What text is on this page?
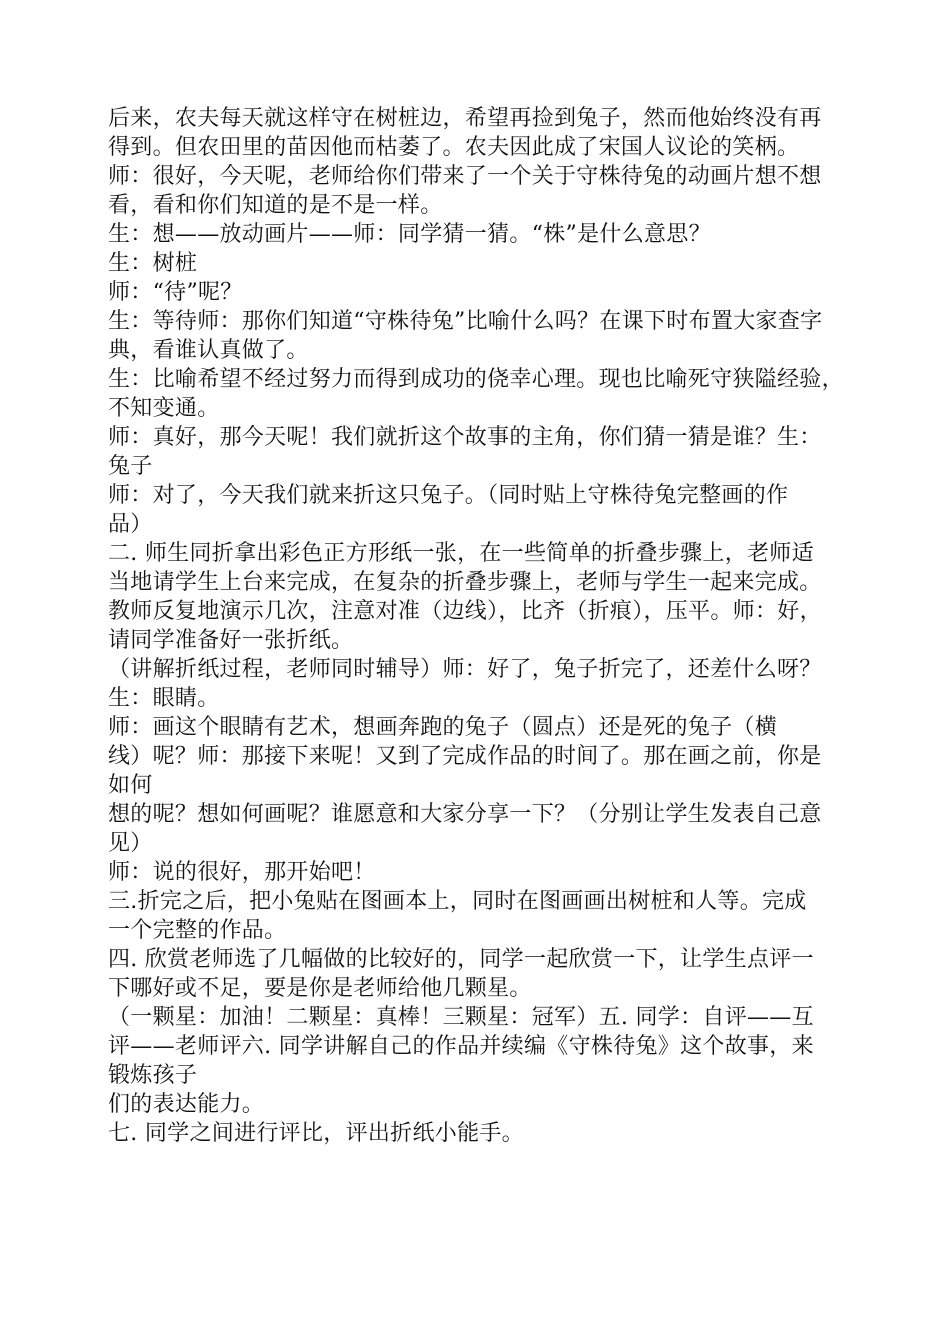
后来，农夫每天就这样守在树桩边，希望再捡到兔子，然而他始终没有再
得到。但农田里的苗因他而枯萎了。农夫因此成了宋国人议论的笑柄。
师：很好，今天呢，老师给你们带来了一个关于守株待兔的动画片想不想
看，看和你们知道的是不是一样。
生：想——放动画片——师：同学猜一猜。“株”是什么意思？
生：树桩
师：“待”呢？
生：等待师：那你们知道“守株待兔”比喻什么吗？在课下时布置大家查字
典，看谁认真做了。
生：比喻希望不经过努力而得到成功的侥幸心理。现也比喻死守狭隘经验，
不知变通。
师：真好，那今天呢！我们就折这个故事的主角，你们猜一猜是谁？生：
兔子
师：对了，今天我们就来折这只兔子。（同时贴上守株待兔完整画的作
品）
二. 师生同折拿出彩色正方形纸一张，在一些简单的折叠步骤上，老师适
当地请学生上台来完成，在复杂的折叠步骤上，老师与学生一起来完成。
教师反复地演示几次，注意对准（边线），比齐（折痕），压平。师：好，
请同学准备好一张折纸。
（讲解折纸过程，老师同时辅导）师：好了，兔子折完了，还差什么呀？
生：眼睛。
师：画这个眼睛有艺术，想画奔跑的兔子（圆点）还是死的兔子（横
线）呢？师：那接下来呢！又到了完成作品的时间了。那在画之前，你是
如何
想的呢？想如何画呢？谁愿意和大家分享一下？（分别让学生发表自己意
见）
师：说的很好，那开始吧！
三.折完之后，把小兔贴在图画本上，同时在图画画出树桩和人等。完成
一个完整的作品。
四. 欣赏老师选了几幅做的比较好的，同学一起欣赏一下，让学生点评一
下哪好或不足，要是你是老师给他几颗星。
（一颗星：加油！二颗星：真棒！三颗星：冠军）五. 同学：自评——互
评——老师评六. 同学讲解自己的作品并续编《守株待兔》这个故事，来
锻炼孩子
们的表达能力。
七. 同学之间进行评比，评出折纸小能手。
